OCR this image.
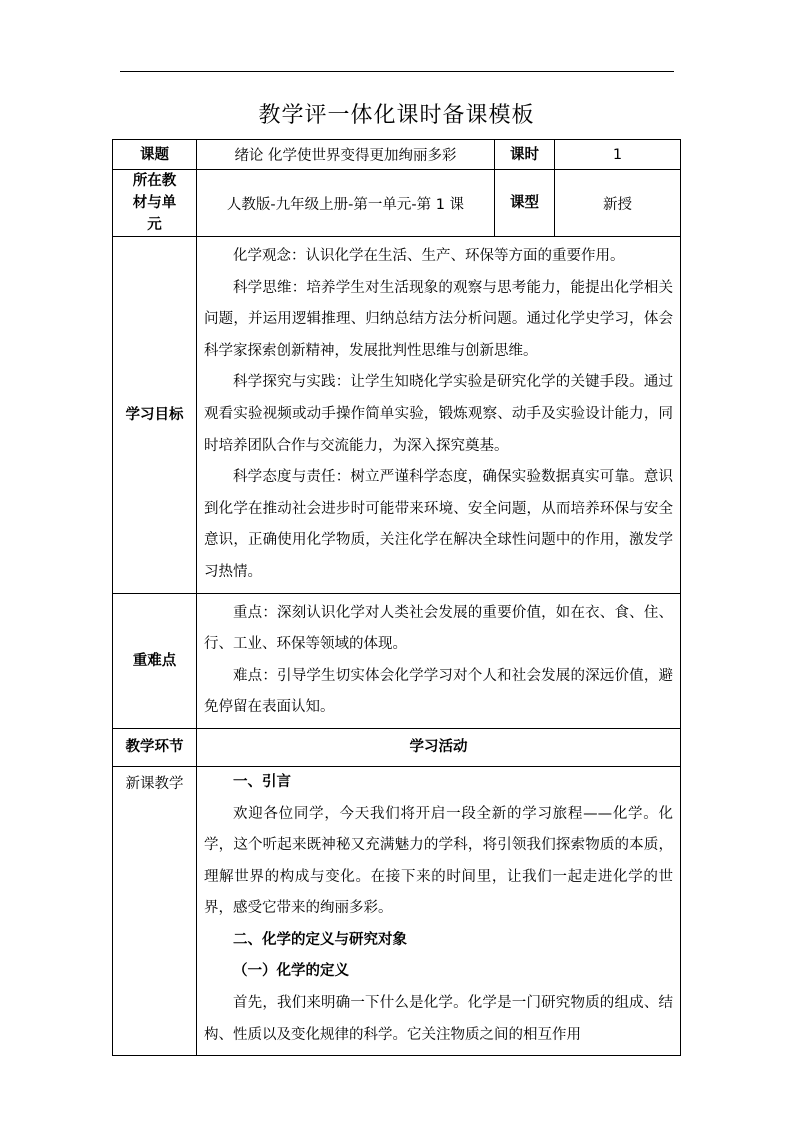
教学评一体化课时备课模板
课题	绪论 化学使世界变得更加绚丽多彩	课时	1
所在教材与单元	人教版-九年级上册-第一单元-第 1 课	课型	新授
学习目标	化学观念：认识化学在生活、生产、环保等方面的重要作用。

科学思维：培养学生对生活现象的观察与思考能力，能提出化学相关问题，并运用逻辑推理、归纳总结方法分析问题。通过化学史学习，体会科学家探索创新精神，发展批判性思维与创新思维。

科学探究与实践：让学生知晓化学实验是研究化学的关键手段。通过观看实验视频或动手操作简单实验，锻炼观察、动手及实验设计能力，同时培养团队合作与交流能力，为深入探究奠基。

科学态度与责任：树立严谨科学态度，确保实验数据真实可靠。意识到化学在推动社会进步时可能带来环境、安全问题，从而培养环保与安全意识，正确使用化学物质，关注化学在解决全球性问题中的作用，激发学习热情。		

重难点	重点：深刻认识化学对人类社会发展的重要价值，如在衣、食、住、行、工业、环保等领域的体现。

难点：引导学生切实体会化学学习对个人和社会发展的深远价值，避免停留在表面认知。		

教学环节	学习活动		
新课教学	一、引言

欢迎各位同学，今天我们将开启一段全新的学习旅程——化学。化学，这个听起来既神秘又充满魅力的学科，将引领我们探索物质的本质，理解世界的构成与变化。在接下来的时间里，让我们一起走进化学的世界，感受它带来的绚丽多彩。

二、化学的定义与研究对象

（一）化学的定义

首先，我们来明确一下什么是化学。化学是一门研究物质的组成、结构、性质以及变化规律的科学。它关注物质之间的相互作用		
